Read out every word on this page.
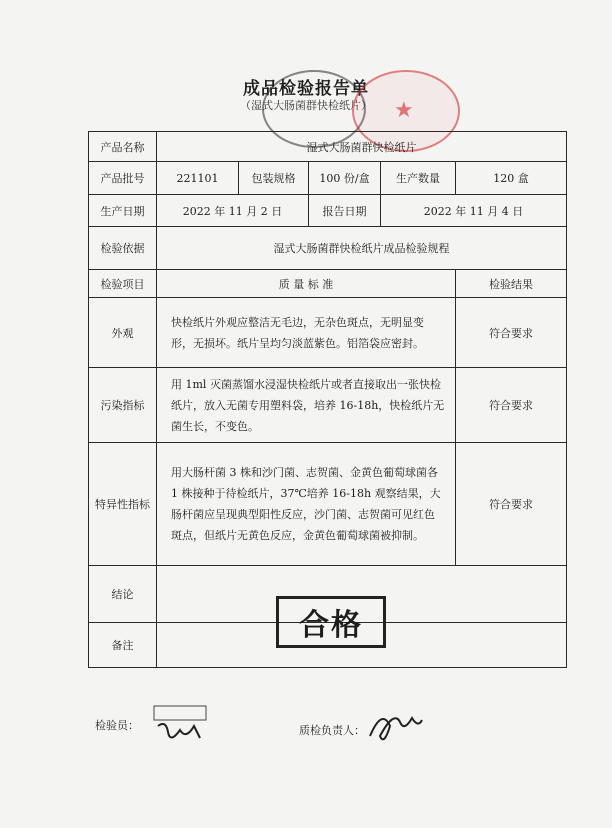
成品检验报告单
（湿式大肠菌群快检纸片）	★
产品名称	湿式大肠菌群快检纸片				
产品批号	221101	包装规格	100 份/盒	生产数量	120 盒
生产日期	2022 年 11 月 2 日		报告日期	2022 年 11 月 4 日	
检验依据	湿式大肠菌群快检纸片成品检验规程				
检验项目	质 量 标 准				检验结果
外观	快检纸片外观应整洁无毛边，无杂色斑点，无明显变形，无损坏。纸片呈均匀淡蓝紫色。铝箔袋应密封。				符合要求
污染指标	用 1ml 灭菌蒸馏水浸湿快检纸片或者直接取出一张快检纸片，放入无菌专用塑料袋，培养 16-18h，快检纸片无菌生长，不变色。				符合要求
特异性指标	用大肠杆菌 3 株和沙门菌、志贺菌、金黄色葡萄球菌各 1 株接种于待检纸片，37℃培养 16-18h 观察结果，大肠杆菌应呈现典型阳性反应，沙门菌、志贺菌可见红色斑点，但纸片无黄色反应，金黄色葡萄球菌被抑制。				符合要求
结论					
备注					
合格
检验员：	质检负责人：
